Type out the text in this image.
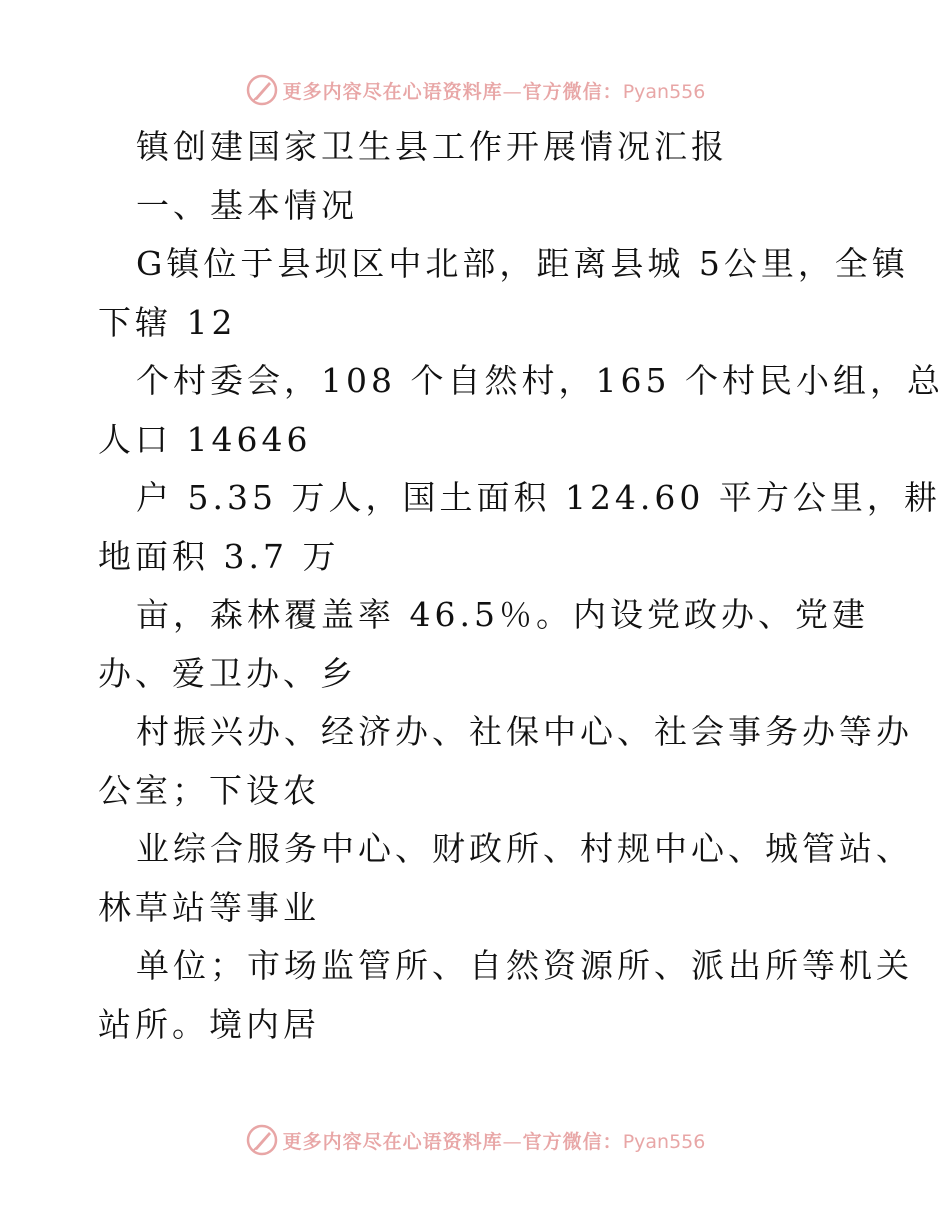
更多内容尽在心语资料库—官方微信：Pyan556
镇创建国家卫生县工作开展情况汇报
一、基本情况
G镇位于县坝区中北部，距离县城 5公里，全镇
下辖 12
个村委会，108 个自然村，165 个村民小组，总
人口 14646
户 5.35 万人，国土面积 124.60 平方公里，耕
地面积 3.7 万
亩，森林覆盖率 46.5％。内设党政办、党建
办、爱卫办、乡
村振兴办、经济办、社保中心、社会事务办等办
公室；下设农
业综合服务中心、财政所、村规中心、城管站、
林草站等事业
单位；市场监管所、自然资源所、派出所等机关
站所。境内居
更多内容尽在心语资料库—官方微信：Pyan556
